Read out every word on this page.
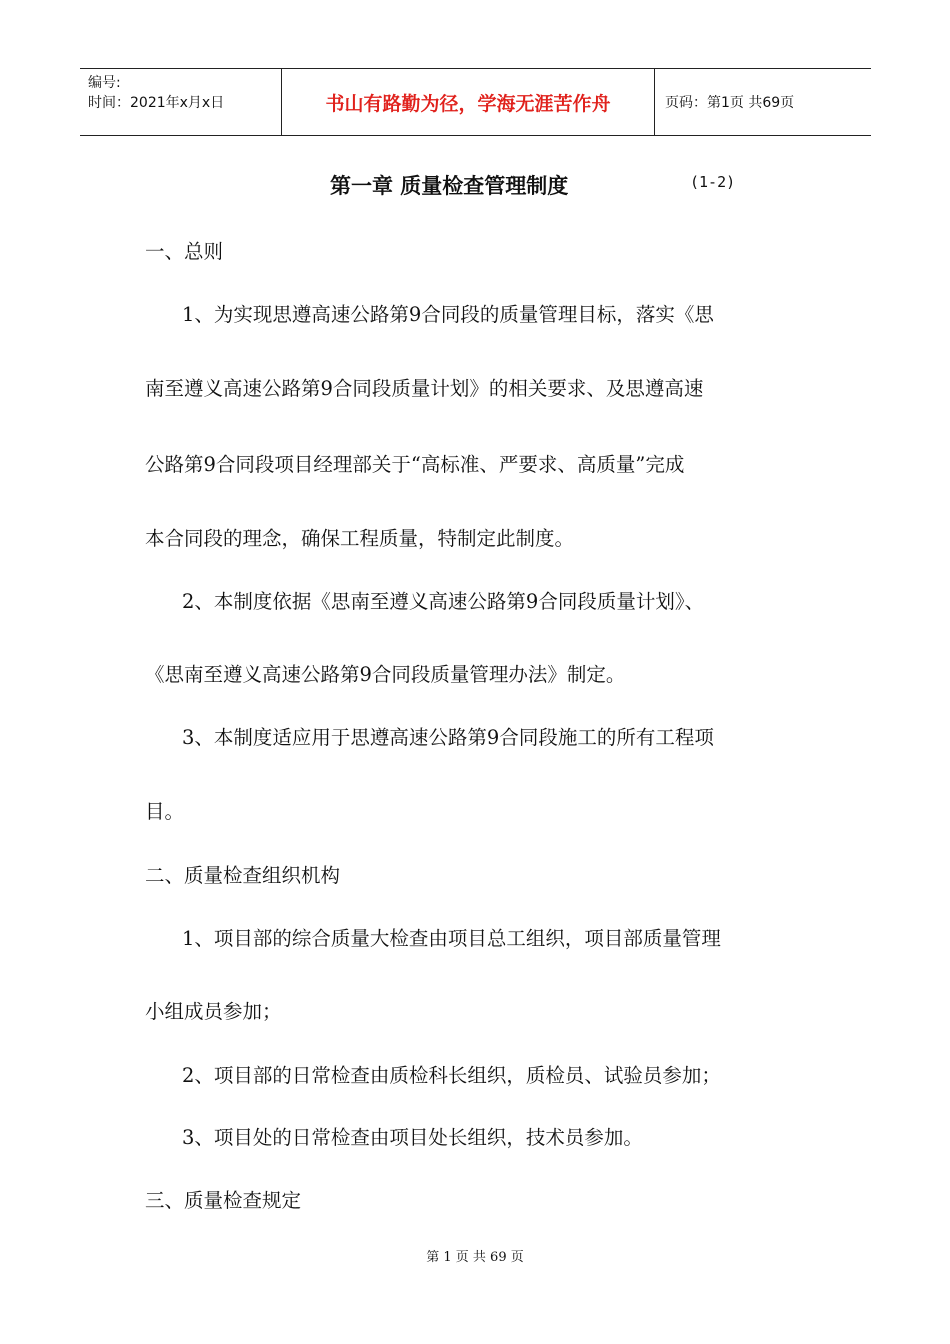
编号:
时间：2021年x月x日	书山有路勤为径，学海无涯苦作舟	页码：第1页 共69页
第一章 质量检查管理制度	(1-2)
一、总则
1、为实现思遵高速公路第9合同段的质量管理目标，落实《思
南至遵义高速公路第9合同段质量计划》的相关要求、及思遵高速
公路第9合同段项目经理部关于“高标准、严要求、高质量”完成
本合同段的理念，确保工程质量，特制定此制度。
2、本制度依据《思南至遵义高速公路第9合同段质量计划》、
《思南至遵义高速公路第9合同段质量管理办法》制定。
3、本制度适应用于思遵高速公路第9合同段施工的所有工程项
目。
二、质量检查组织机构
1、项目部的综合质量大检查由项目总工组织，项目部质量管理
小组成员参加；
2、项目部的日常检查由质检科长组织，质检员、试验员参加；
3、项目处的日常检查由项目处长组织，技术员参加。
三、质量检查规定
第 1 页 共 69 页
